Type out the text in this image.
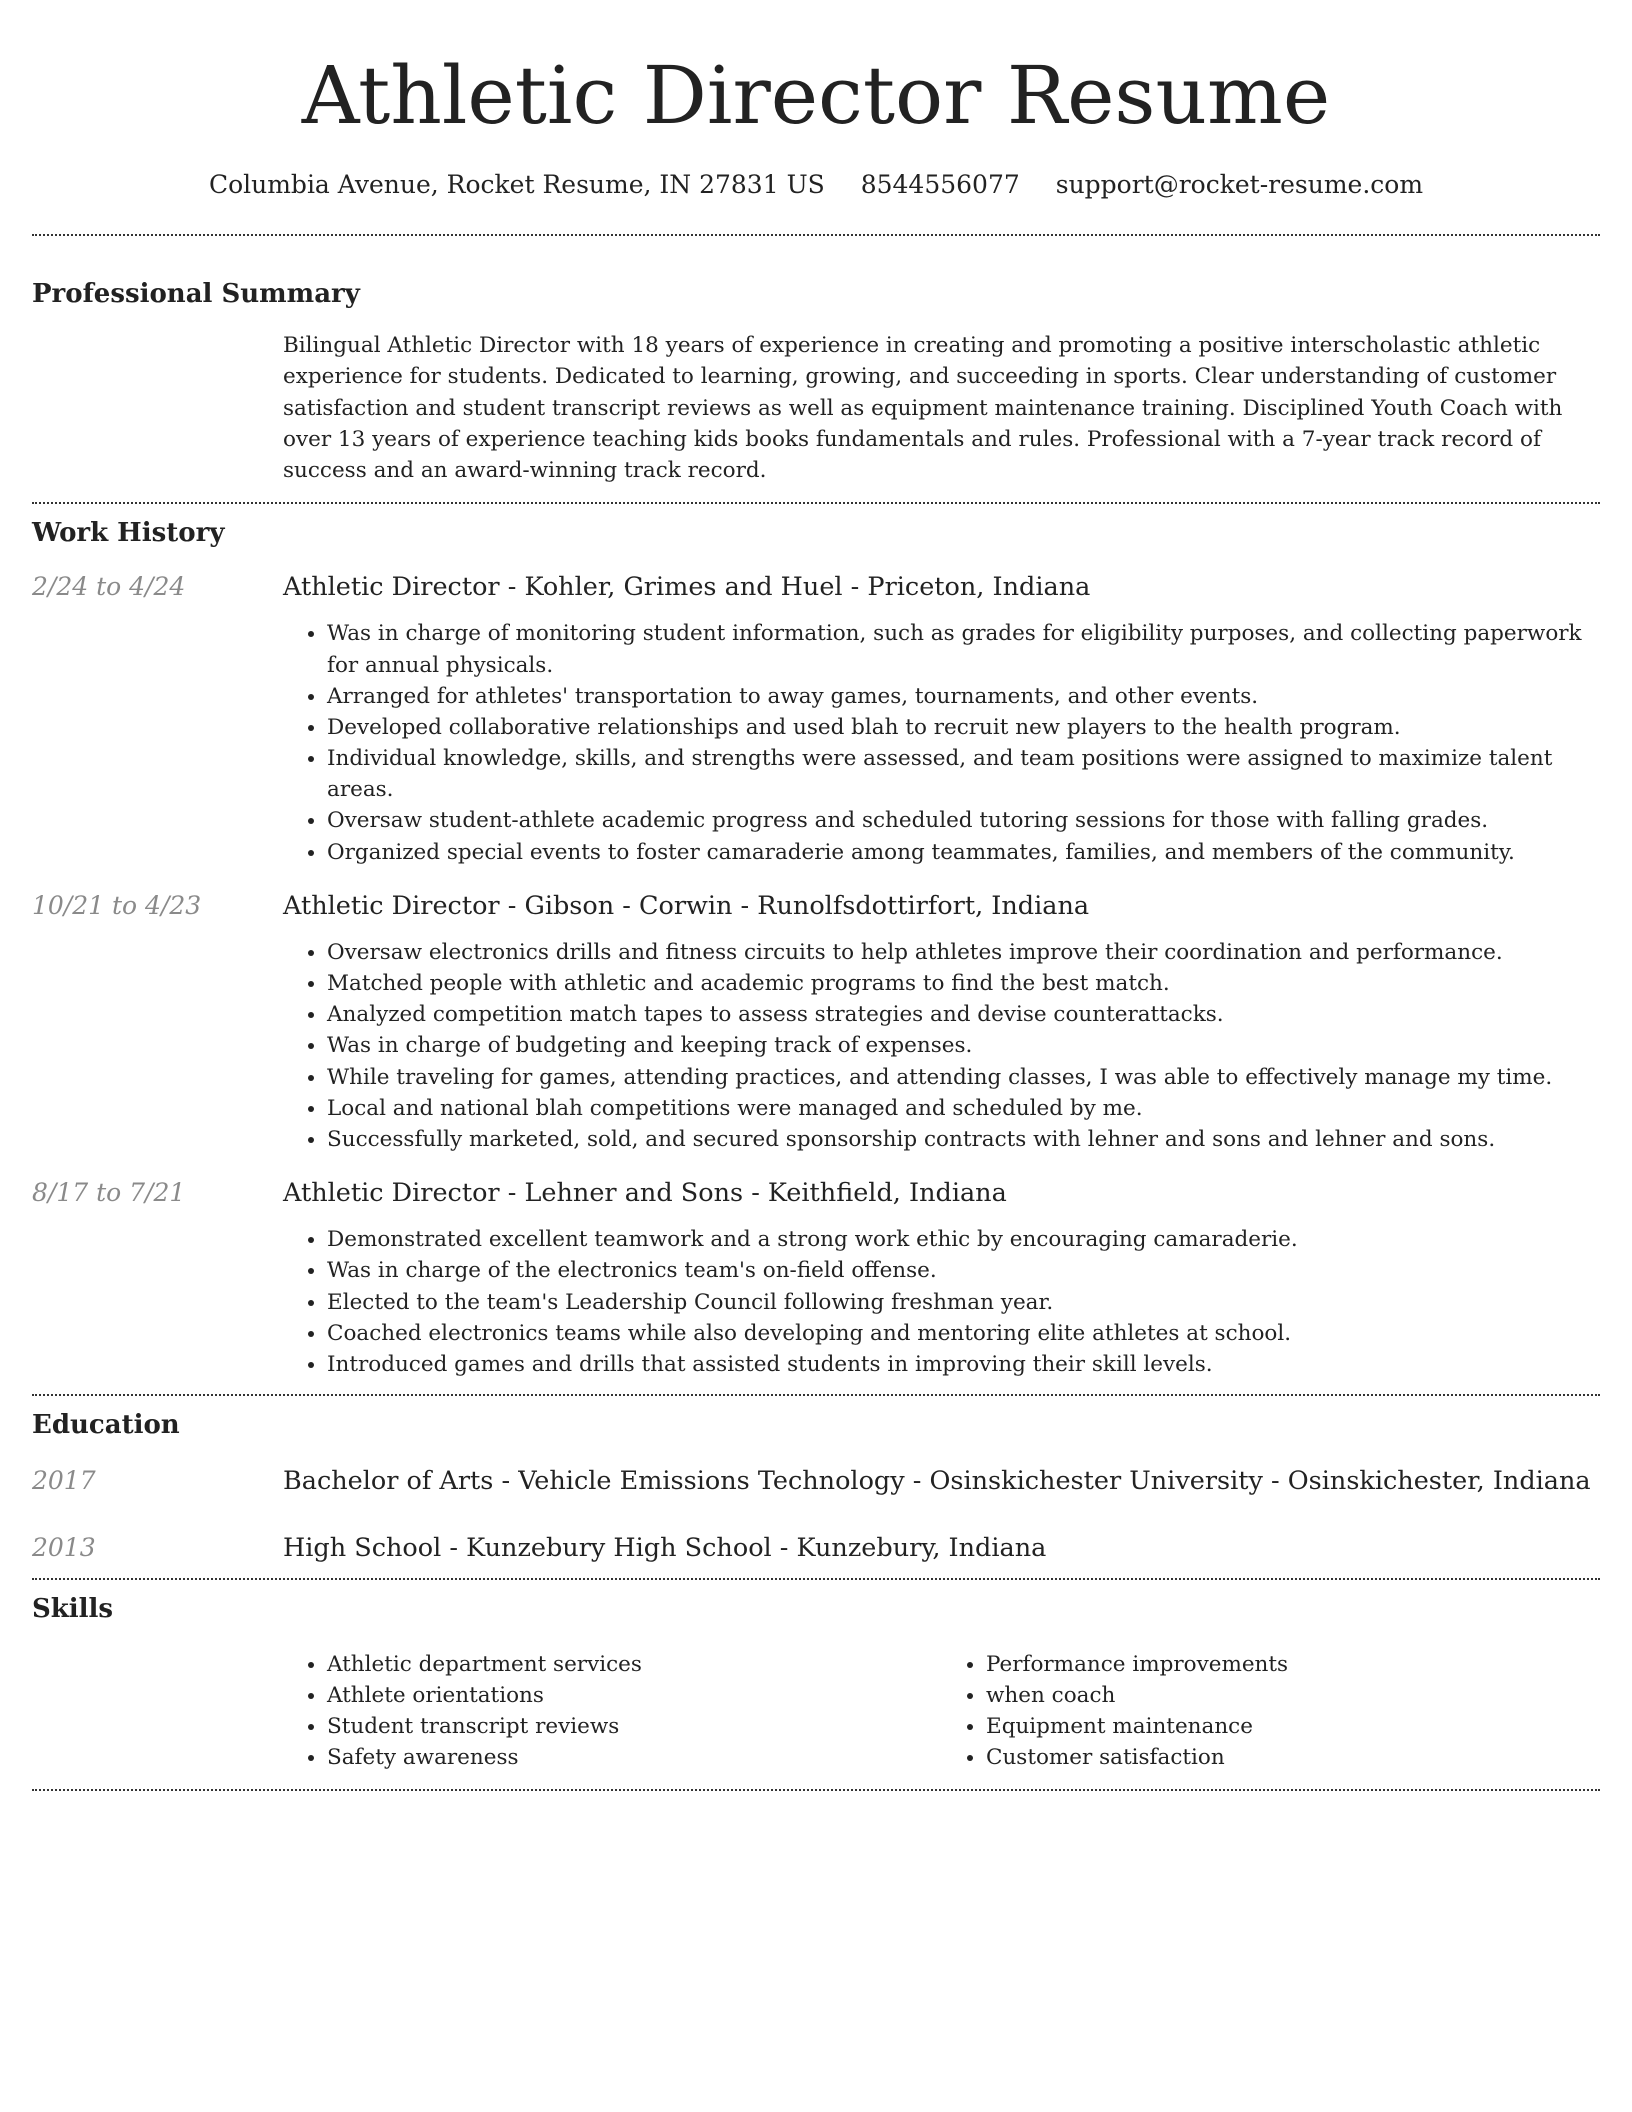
Athletic Director Resume
Columbia Avenue, Rocket Resume, IN 27831 US 8544556077 support@rocket-resume.com
Professional Summary

Bilingual Athletic Director with 18 years of experience in creating and promoting a positive interscholastic athletic experience for students. Dedicated to learning, growing, and succeeding in sports. Clear understanding of customer satisfaction and student transcript reviews as well as equipment maintenance training. Disciplined Youth Coach with over 13 years of experience teaching kids books fundamentals and rules. Professional with a 7-year track record of success and an award-winning track record.

Work History
2/24 to 4/24	Athletic Director - Kohler, Grimes and Huel - Priceton, Indiana
• Was in charge of monitoring student information, such as grades for eligibility purposes, and collecting paperwork for annual physicals.
• Arranged for athletes' transportation to away games, tournaments, and other events.
• Developed collaborative relationships and used blah to recruit new players to the health program.
• Individual knowledge, skills, and strengths were assessed, and team positions were assigned to maximize talent areas.
• Oversaw student-athlete academic progress and scheduled tutoring sessions for those with falling grades.
• Organized special events to foster camaraderie among teammates, families, and members of the community.
10/21 to 4/23	Athletic Director - Gibson - Corwin - Runolfsdottirfort, Indiana
• Oversaw electronics drills and fitness circuits to help athletes improve their coordination and performance.
• Matched people with athletic and academic programs to find the best match.
• Analyzed competition match tapes to assess strategies and devise counterattacks.
• Was in charge of budgeting and keeping track of expenses.
• While traveling for games, attending practices, and attending classes, I was able to effectively manage my time.
• Local and national blah competitions were managed and scheduled by me.
• Successfully marketed, sold, and secured sponsorship contracts with lehner and sons and lehner and sons.
8/17 to 7/21	Athletic Director - Lehner and Sons - Keithfield, Indiana
• Demonstrated excellent teamwork and a strong work ethic by encouraging camaraderie.
• Was in charge of the electronics team's on-field offense.
• Elected to the team's Leadership Council following freshman year.
• Coached electronics teams while also developing and mentoring elite athletes at school.
• Introduced games and drills that assisted students in improving their skill levels.
Education
2017	Bachelor of Arts - Vehicle Emissions Technology - Osinskichester University - Osinskichester, Indiana
2013	High School - Kunzebury High School - Kunzebury, Indiana
Skills
• Athletic department services
• Athlete orientations
• Student transcript reviews
• Safety awareness
• Performance improvements
• when coach
• Equipment maintenance
• Customer satisfaction
